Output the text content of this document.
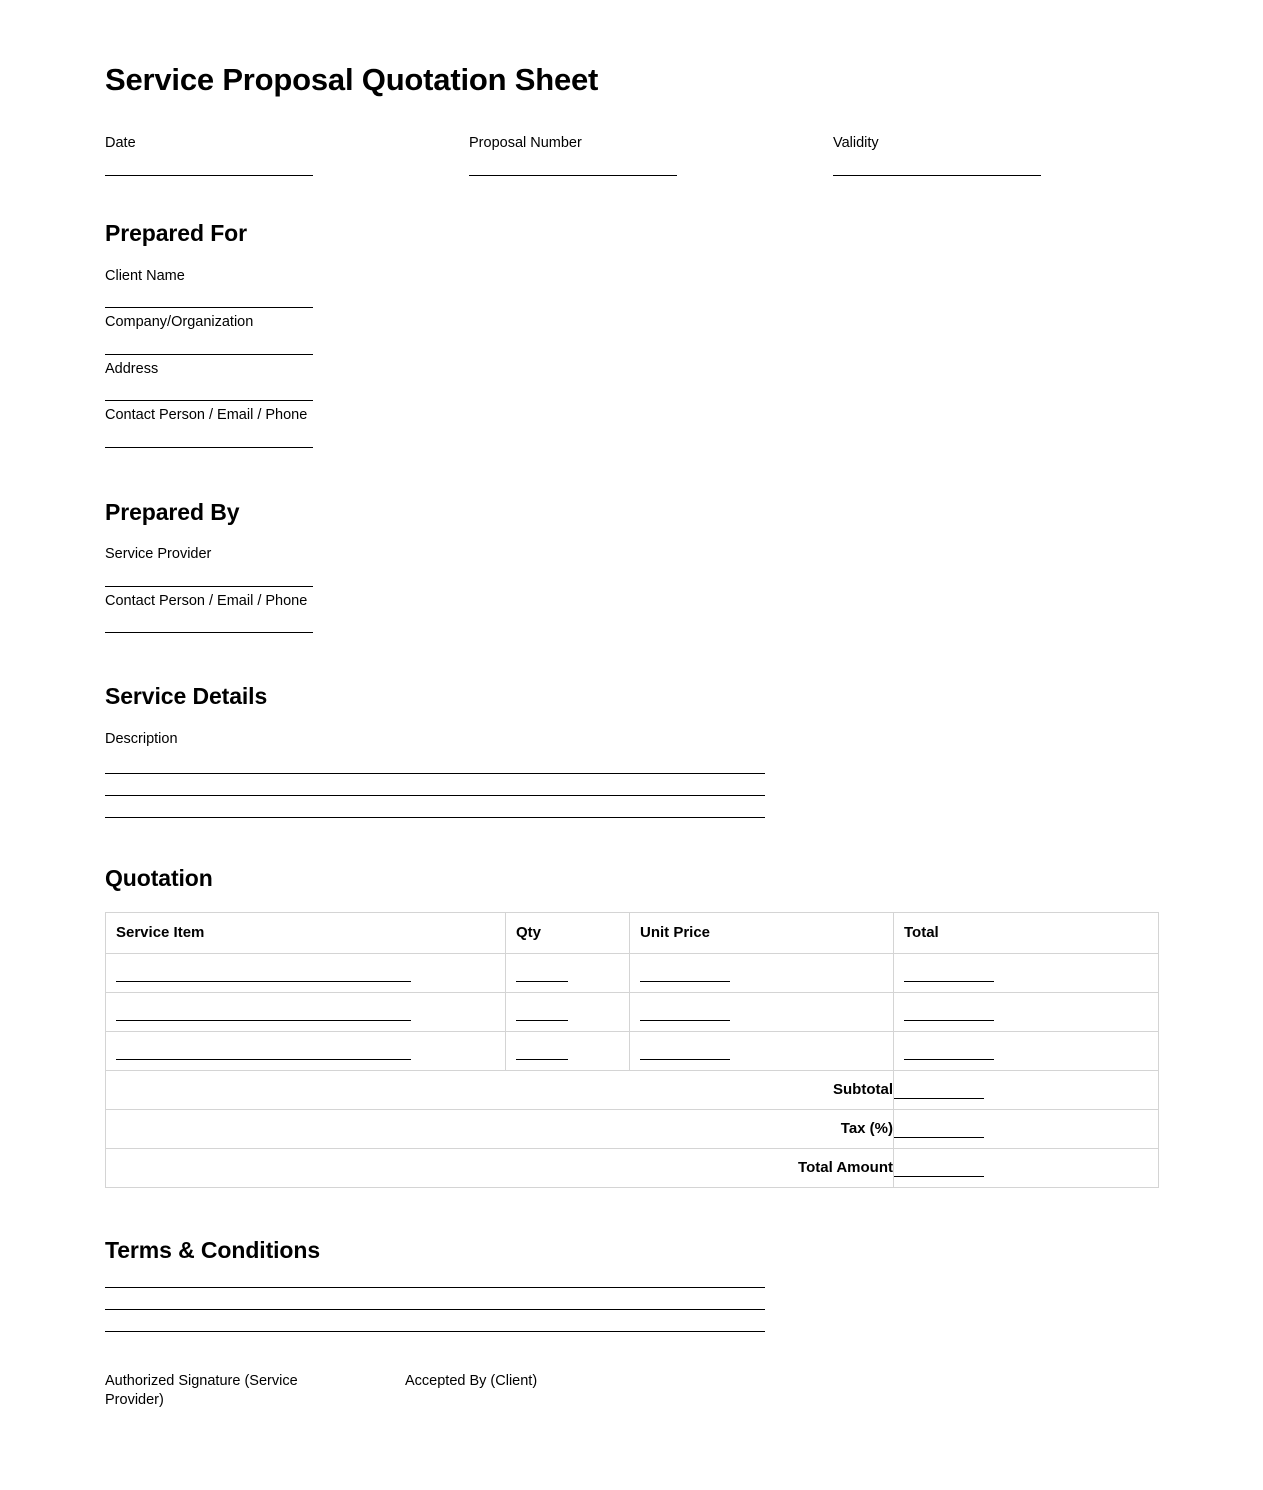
Service Proposal Quotation Sheet
Date	Proposal Number	Validity
Prepared For
Client Name
Company/Organization
Address
Contact Person / Email / Phone
Prepared By
Service Provider
Contact Person / Email / Phone
Service Details
Description
Quotation
Service Item	Qty	Unit Price	Total

Subtotal			

Tax (%)			

Total Amount			
Terms & Conditions
Authorized Signature (Service Provider)
Accepted By (Client)
